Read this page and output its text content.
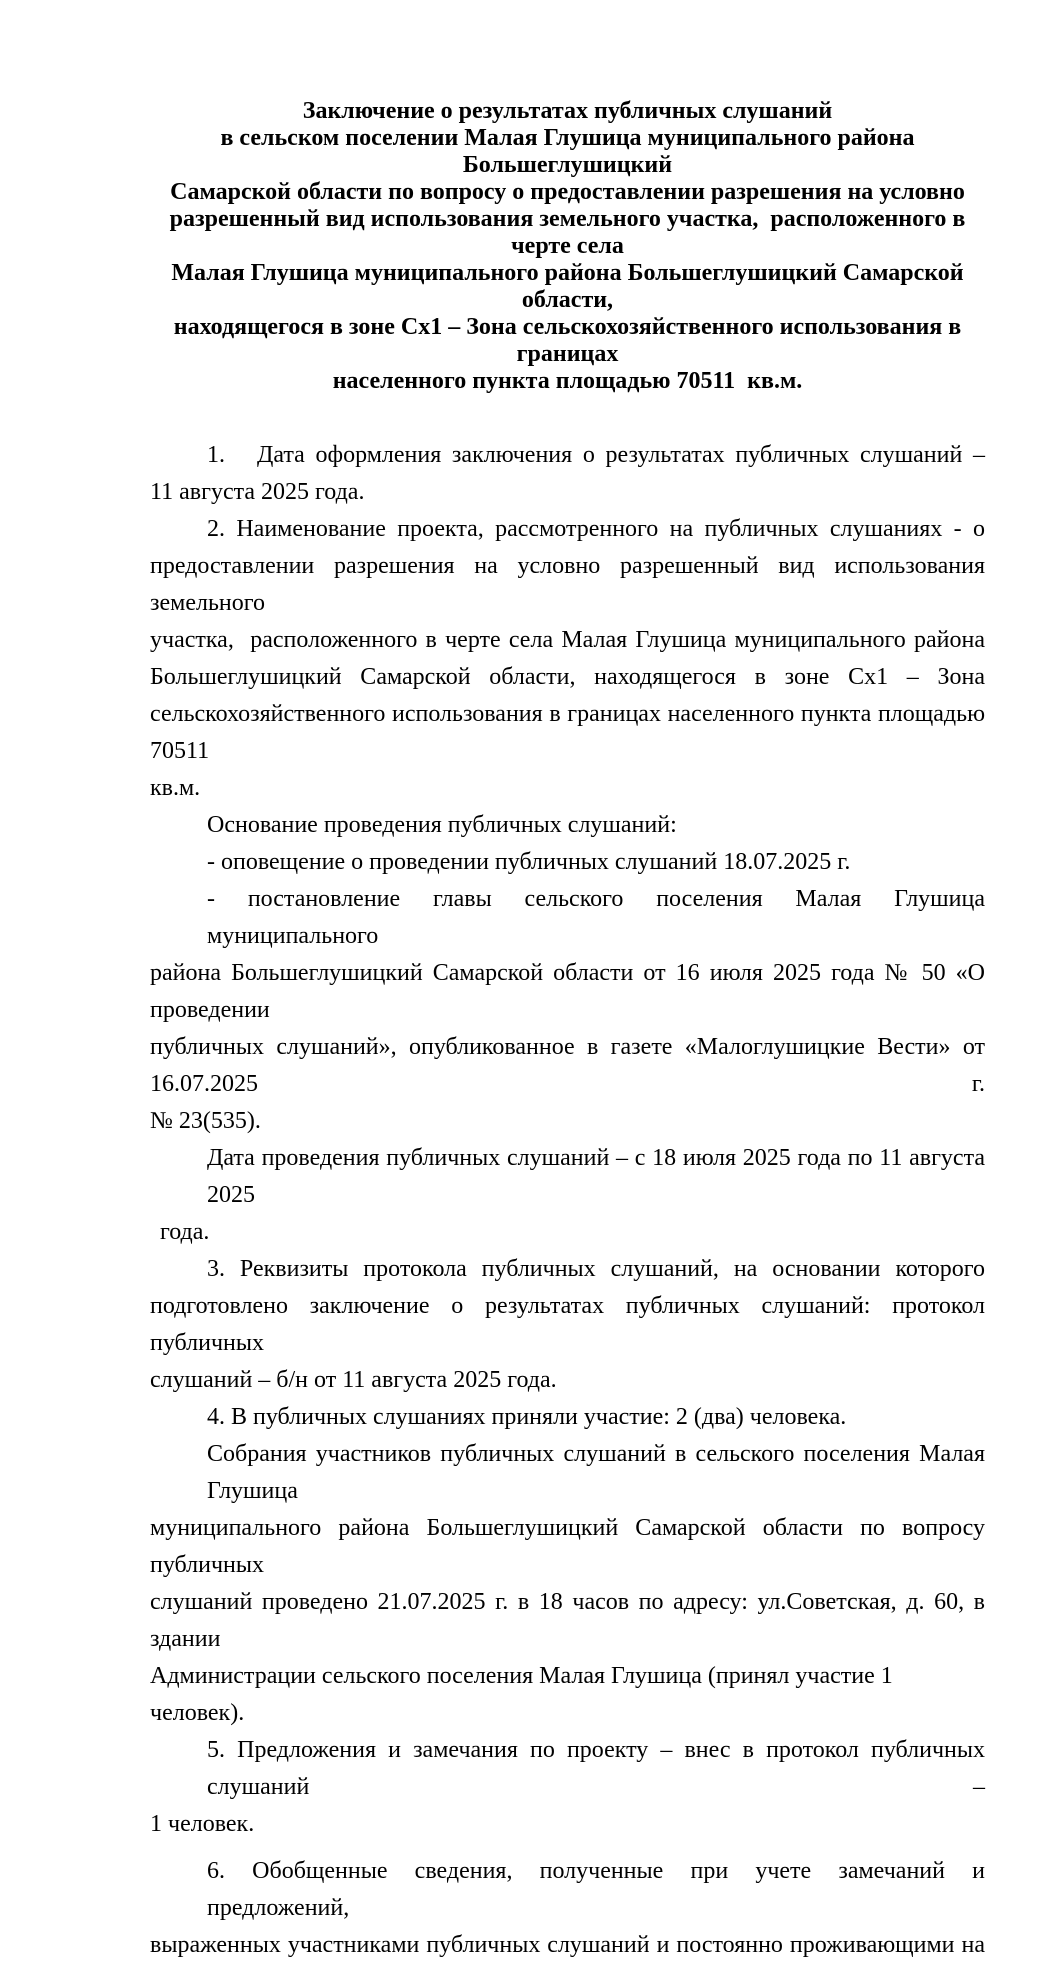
Заключение о результатах публичных слушаний
в сельском поселении Малая Глушица муниципального района Большеглушицкий
Самарской области по вопросу о предоставлении разрешения на условно
разрешенный вид использования земельного участка,  расположенного в черте села
Малая Глушица муниципального района Большеглушицкий Самарской области,
находящегося в зоне Сх1 – Зона сельскохозяйственного использования в границах
населенного пункта площадью 70511  кв.м.
1. Дата оформления заключения о результатах публичных слушаний –
11 августа 2025 года.
2. Наименование проекта, рассмотренного на публичных слушаниях - о
предоставлении разрешения на условно разрешенный вид использования земельного
участка,  расположенного в черте села Малая Глушица муниципального района
Большеглушицкий Самарской области, находящегося в зоне Сх1 – Зона
сельскохозяйственного использования в границах населенного пункта площадью 70511
кв.м.
Основание проведения публичных слушаний:
- оповещение о проведении публичных слушаний 18.07.2025 г.
- постановление главы сельского поселения Малая Глушица муниципального
района Большеглушицкий Самарской области от 16 июля 2025 года № 50 «О проведении
публичных слушаний», опубликованное в газете «Малоглушицкие Вести» от 16.07.2025 г.
№ 23(535).
Дата проведения публичных слушаний – с 18 июля 2025 года по 11 августа 2025
года.
3. Реквизиты протокола публичных слушаний, на основании которого
подготовлено заключение о результатах публичных слушаний: протокол публичных
слушаний – б/н от 11 августа 2025 года.
4. В публичных слушаниях приняли участие: 2 (два) человека.
Собрания участников публичных слушаний в сельского поселения Малая Глушица
муниципального района Большеглушицкий Самарской области по вопросу публичных
слушаний проведено 21.07.2025 г. в 18 часов по адресу: ул.Советская, д. 60, в здании
Администрации сельского поселения Малая Глушица (принял участие 1 человек).
5. Предложения и замечания по проекту – внес в протокол публичных слушаний –
1 человек.
6. Обобщенные сведения, полученные при учете замечаний и предложений,
выраженных участниками публичных слушаний и постоянно проживающими на
